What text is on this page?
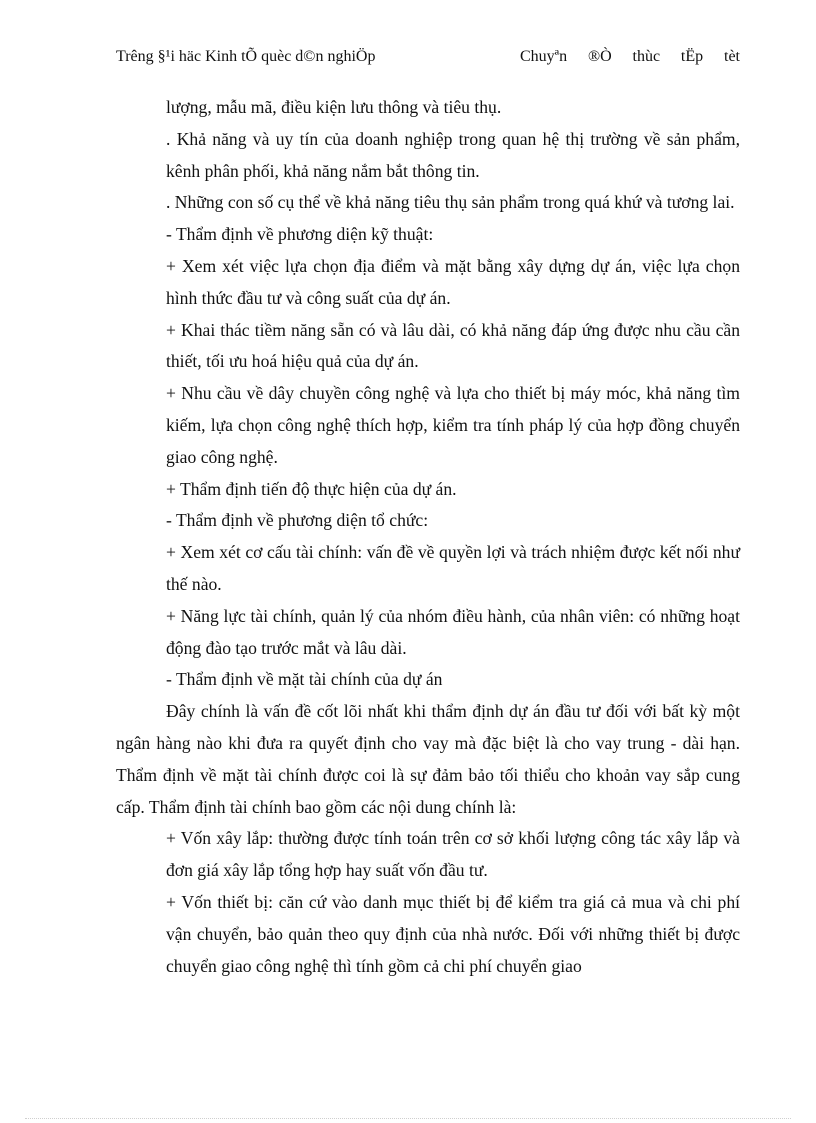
Trêng §¹i häc Kinh tÕ quèc d©n nghiÖp	Chuyªn ®Ò thùc tËp tèt

lượng, mẫu mã, điều kiện lưu thông và tiêu thụ.

. Khả năng và uy tín của doanh nghiệp trong quan hệ thị trường về sản phẩm, kênh phân phối, khả năng nắm bắt thông tin.

. Những con số cụ thể về khả năng tiêu thụ sản phẩm trong quá khứ và tương lai.

- Thẩm định về phương diện kỹ thuật:

+ Xem xét việc lựa chọn địa điểm và mặt bằng xây dựng dự án, việc lựa chọn hình thức đầu tư và công suất của dự án.

+ Khai thác tiềm năng sẵn có và lâu dài, có khả năng đáp ứng được nhu cầu cần thiết, tối ưu hoá hiệu quả của dự án.

+ Nhu cầu về dây chuyền công nghệ và lựa cho thiết bị máy móc, khả năng tìm kiếm, lựa chọn công nghệ thích hợp, kiểm tra tính pháp lý của hợp đồng chuyển giao công nghệ.

+ Thẩm định tiến độ thực hiện của dự án.

- Thẩm định về phương diện tổ chức:

+ Xem xét cơ cấu tài chính: vấn đề về quyền lợi và trách nhiệm được kết nối như thế nào.

+ Năng lực tài chính, quản lý của nhóm điều hành, của nhân viên: có những hoạt động đào tạo trước mắt và lâu dài.

- Thẩm định về mặt tài chính của dự án

Đây chính là vấn đề cốt lõi nhất khi thẩm định dự án đầu tư đối với bất kỳ một ngân hàng nào khi đưa ra quyết định cho vay mà đặc biệt là cho vay trung - dài hạn. Thẩm định về mặt tài chính được coi là sự đảm bảo tối thiểu cho khoản vay sắp cung cấp. Thẩm định tài chính bao gồm các nội dung chính là:

+ Vốn xây lắp: thường được tính toán trên cơ sở khối lượng công tác xây lắp và đơn giá xây lắp tổng hợp hay suất vốn đầu tư.

+ Vốn thiết bị: căn cứ vào danh mục thiết bị để kiểm tra giá cả mua và chi phí vận chuyển, bảo quản theo quy định của nhà nước. Đối với những thiết bị được chuyển giao công nghệ thì tính gồm cả chi phí chuyển giao
